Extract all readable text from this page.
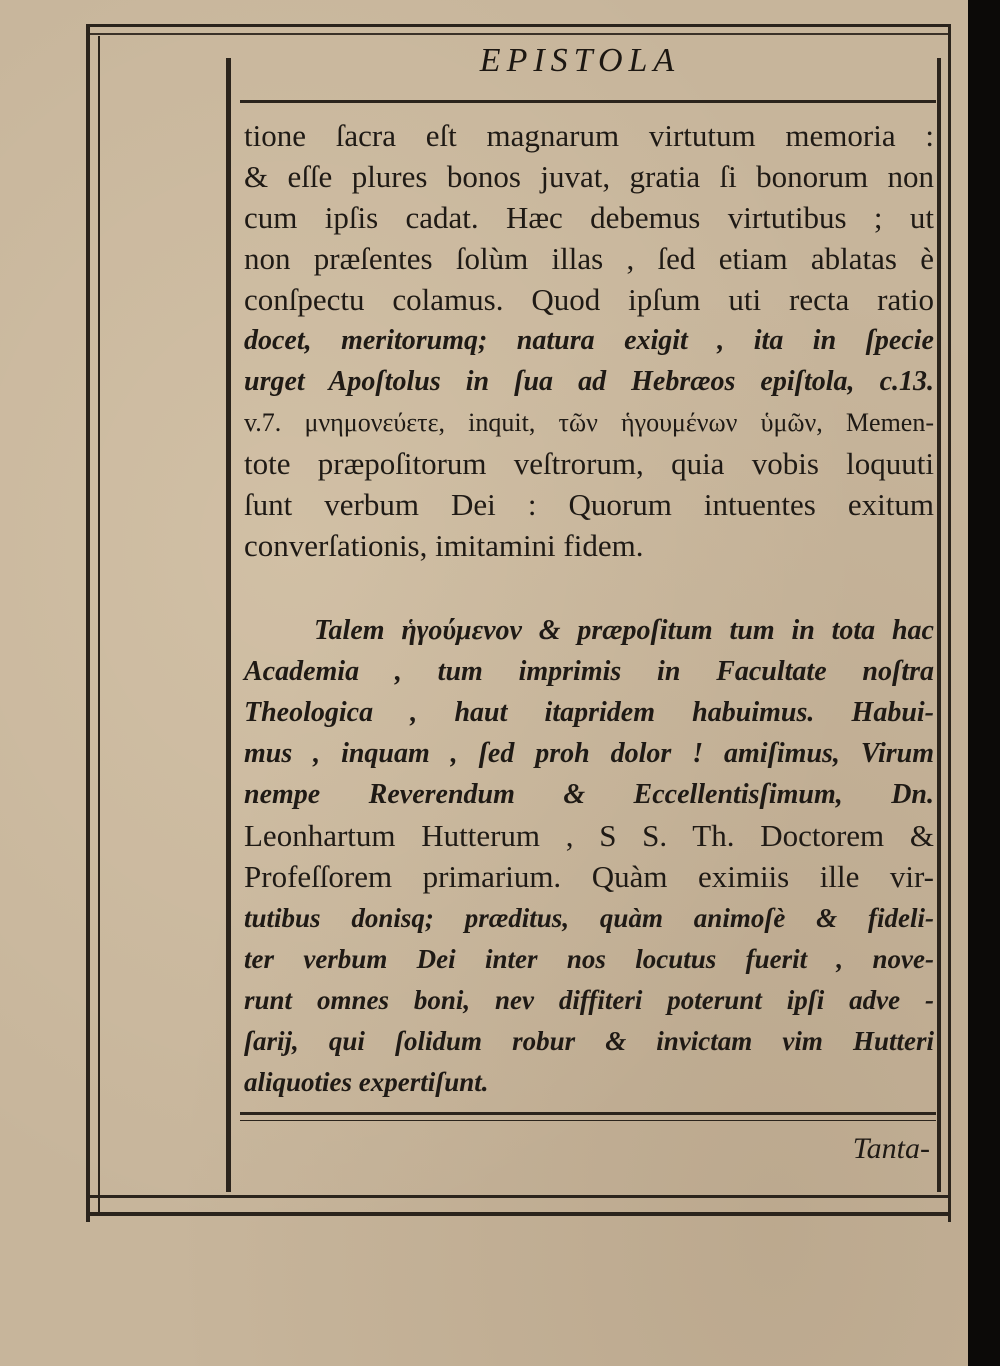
EPISTOLA
tione ſacra eſt magnarum virtutum memoria :
& eſſe plures bonos juvat, gratia ſi bonorum non
cum ipſis cadat. Hæc debemus virtutibus ; ut
non præſentes ſolùm illas , ſed etiam ablatas è
conſpectu colamus. Quod ipſum uti recta ratio
docet, meritorumq; natura exigit , ita in ſpecie
urget Apoſtolus in ſua ad Hebræos epiſtola, c.13.
v.7. μνημονεύετε, inquit, τῶν ἡγουμένων ὑμῶν, Memen-
tote præpoſitorum veſtrorum, quia vobis loquuti
ſunt verbum Dei : Quorum intuentes exitum
converſationis, imitamini fidem.
Talem ἡγούμενον & præpoſitum tum in tota hac
Academia , tum imprimis in Facultate noſtra
Theologica , haut itapridem habuimus. Habui-
mus , inquam , ſed proh dolor ! amiſimus, Virum
nempe Reverendum & Eccellentisſimum, Dn.
Leonhartum Hutterum , S S. Th. Doctorem &
Profeſſorem primarium. Quàm eximiis ille vir-
tutibus donisq; præditus, quàm animoſè & fideli-
ter verbum Dei inter nos locutus fuerit , nove-
runt omnes boni, nev diffiteri poterunt ipſi adve -
ſarij, qui ſolidum robur & invictam vim Hutteri
aliquoties expertiſunt.
Tanta-
